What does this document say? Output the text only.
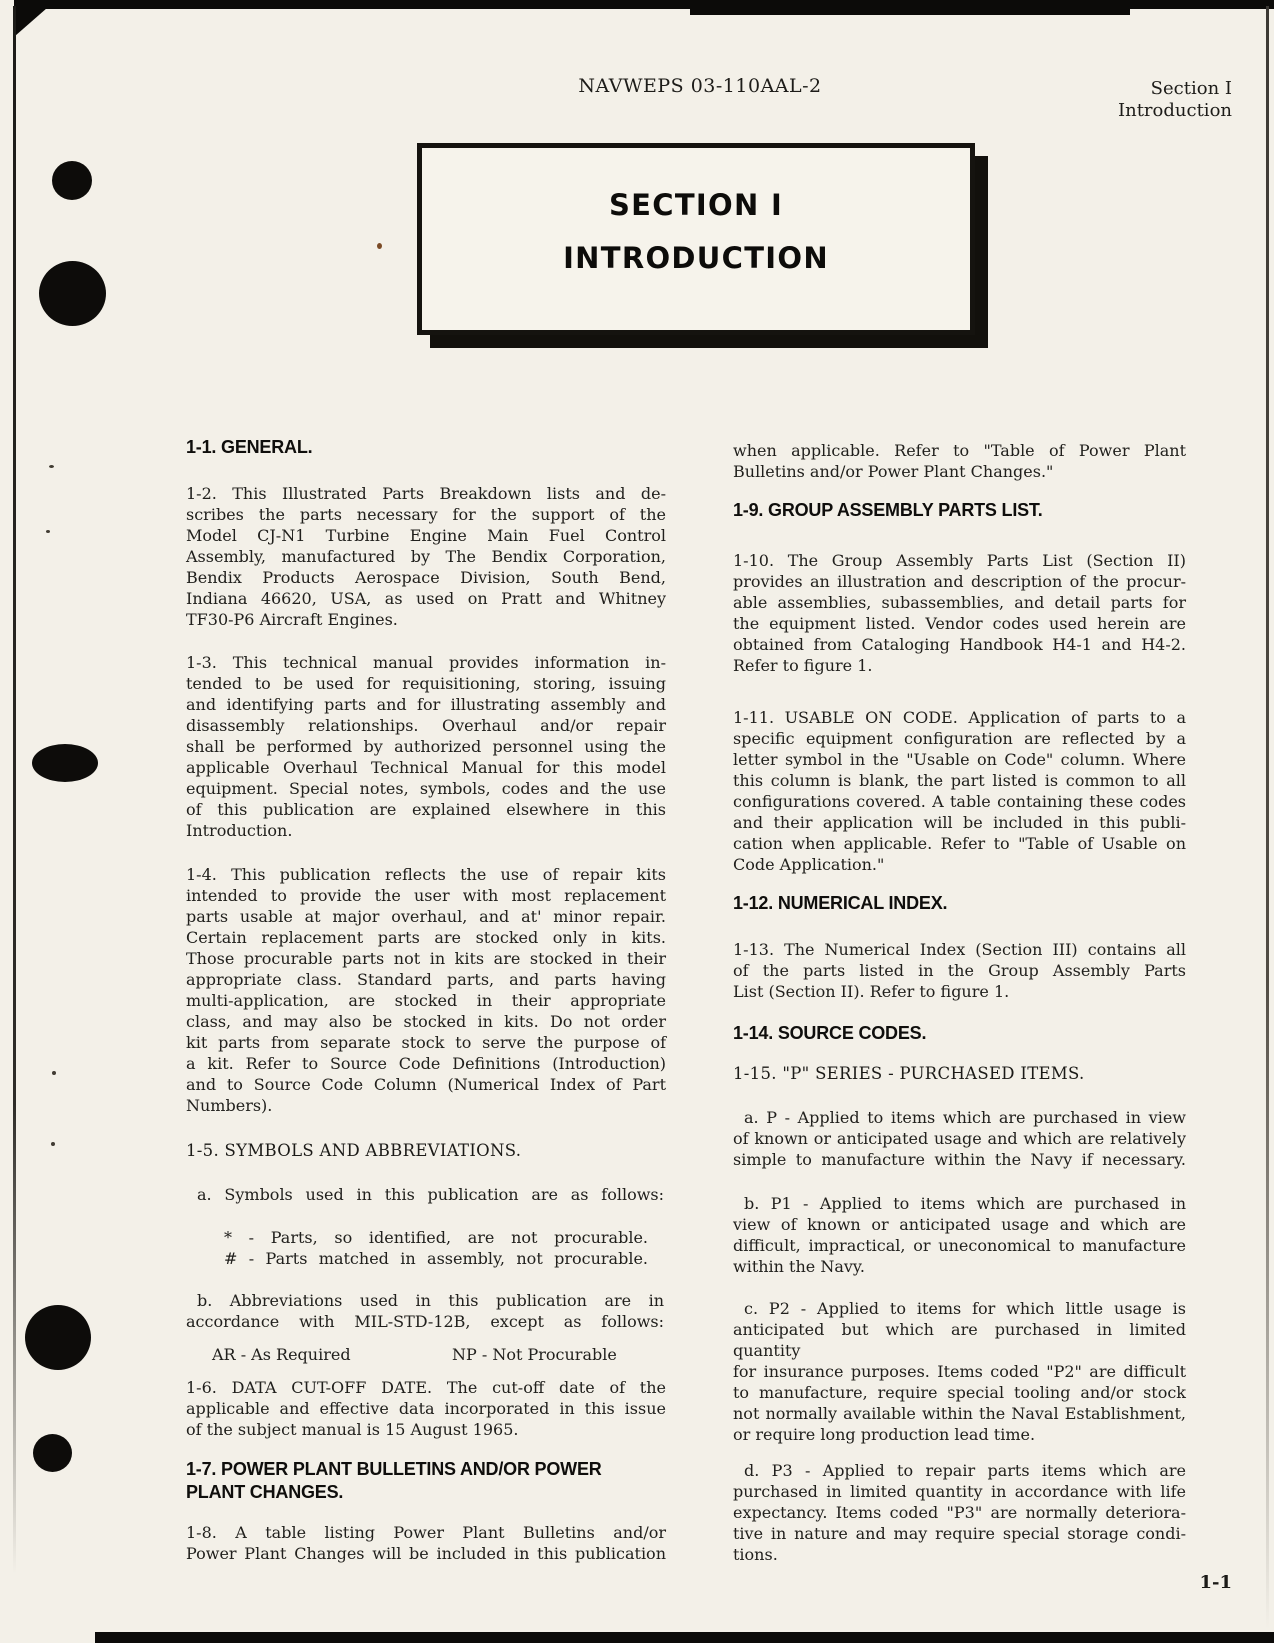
NAVWEPS 03-110AAL-2	Section I
Introduction
SECTION I
INTRODUCTION
1-1. GENERAL.
1-2. This Illustrated Parts Breakdown lists and de-
scribes the parts necessary for the support of the
Model CJ-N1 Turbine Engine Main Fuel Control
Assembly, manufactured by The Bendix Corporation,
Bendix Products Aerospace Division, South Bend,
Indiana 46620, USA, as used on Pratt and Whitney
TF30-P6 Aircraft Engines.
1-3. This technical manual provides information in-
tended to be used for requisitioning, storing, issuing
and identifying parts and for illustrating assembly and
disassembly relationships. Overhaul and/or repair
shall be performed by authorized personnel using the
applicable Overhaul Technical Manual for this model
equipment. Special notes, symbols, codes and the use
of this publication are explained elsewhere in this
Introduction.
1-4. This publication reflects the use of repair kits
intended to provide the user with most replacement
parts usable at major overhaul, and at' minor repair.
Certain replacement parts are stocked only in kits.
Those procurable parts not in kits are stocked in their
appropriate class. Standard parts, and parts having
multi-application, are stocked in their appropriate
class, and may also be stocked in kits. Do not order
kit parts from separate stock to serve the purpose of
a kit. Refer to Source Code Definitions (Introduction)
and to Source Code Column (Numerical Index of Part
Numbers).
1-5. SYMBOLS AND ABBREVIATIONS.
a. Symbols used in this publication are as follows:
* - Parts, so identified, are not procurable.
# - Parts matched in assembly, not procurable.
b. Abbreviations used in this publication are in
accordance with MIL-STD-12B, except as follows:
AR - As Required	NP - Not Procurable
1-6. DATA CUT-OFF DATE. The cut-off date of the
applicable and effective data incorporated in this issue
of the subject manual is 15 August 1965.
1-7. POWER PLANT BULLETINS AND/OR POWER
PLANT CHANGES.
1-8. A table listing Power Plant Bulletins and/or
Power Plant Changes will be included in this publication
when applicable. Refer to "Table of Power Plant
Bulletins and/or Power Plant Changes."
1-9. GROUP ASSEMBLY PARTS LIST.
1-10. The Group Assembly Parts List (Section II)
provides an illustration and description of the procur-
able assemblies, subassemblies, and detail parts for
the equipment listed. Vendor codes used herein are
obtained from Cataloging Handbook H4-1 and H4-2.
Refer to figure 1.
1-11. USABLE ON CODE. Application of parts to a
specific equipment configuration are reflected by a
letter symbol in the "Usable on Code" column. Where
this column is blank, the part listed is common to all
configurations covered. A table containing these codes
and their application will be included in this publi-
cation when applicable. Refer to "Table of Usable on
Code Application."
1-12. NUMERICAL INDEX.
1-13. The Numerical Index (Section III) contains all
of the parts listed in the Group Assembly Parts
List (Section II). Refer to figure 1.
1-14. SOURCE CODES.
1-15. "P" SERIES - PURCHASED ITEMS.
a. P - Applied to items which are purchased in view
of known or anticipated usage and which are relatively
simple to manufacture within the Navy if necessary.
b. P1 - Applied to items which are purchased in
view of known or anticipated usage and which are
difficult, impractical, or uneconomical to manufacture
within the Navy.
c. P2 - Applied to items for which little usage is
anticipated but which are purchased in limited quantity
for insurance purposes. Items coded "P2" are difficult
to manufacture, require special tooling and/or stock
not normally available within the Naval Establishment,
or require long production lead time.
d. P3 - Applied to repair parts items which are
purchased in limited quantity in accordance with life
expectancy. Items coded "P3" are normally deteriora-
tive in nature and may require special storage condi-
tions.
1-1
